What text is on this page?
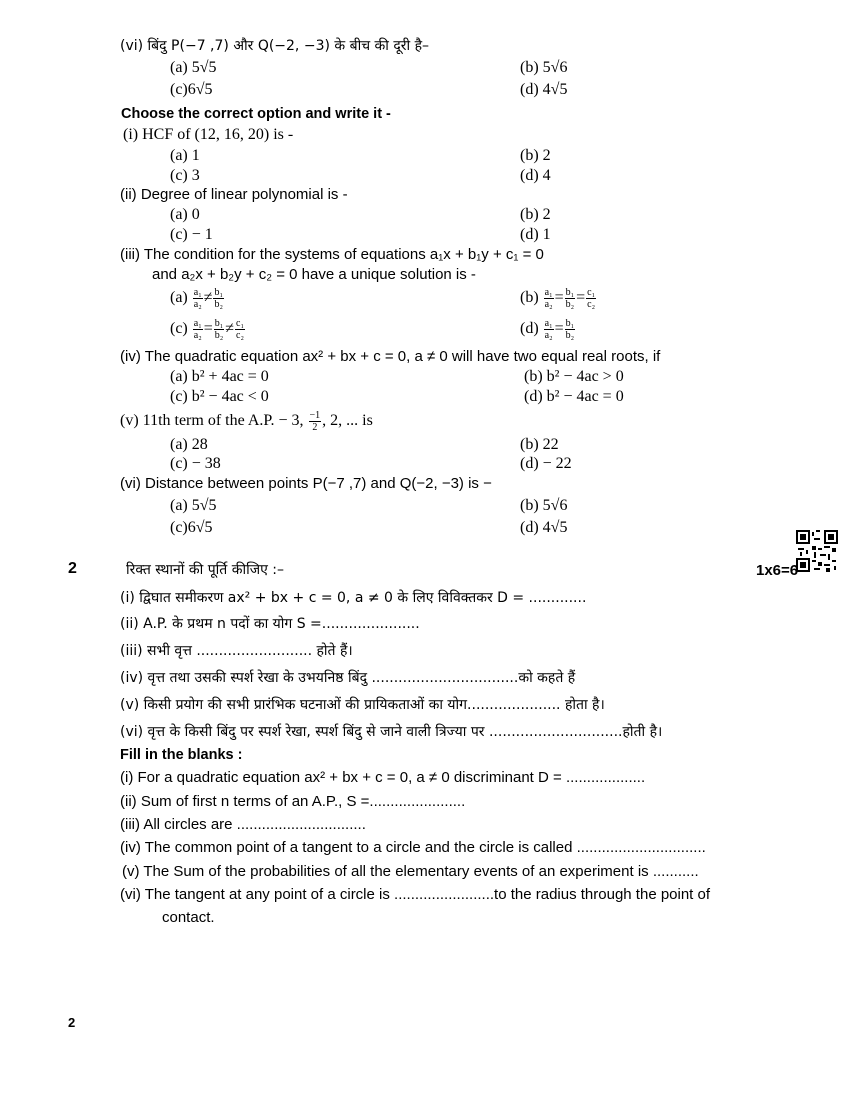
(vi) बिंदु P(−7 ,7) और Q(−2, −3) के बीच की दूरी है–
(a) 5√5	(b) 5√6
(c)6√5	(d) 4√5
Choose the correct option and write it -
(i) HCF of (12, 16, 20) is -
(a) 1	(b) 2
(c) 3	(d) 4
(ii) Degree of linear polynomial is -
(a) 0	(b) 2
(c) − 1	(d) 1
(iii) The condition for the systems of equations a₁x + b₁y + c₁ = 0
and a₂x + b₂y + c₂ = 0 have a unique solution is -
$(a) \frac{\text{a₁}}{\text{a₂}} \ne \frac{\text{b₁}}{\text{b₂}}$	$(b) \frac{\text{a₁}}{\text{a₂}} = \frac{\text{b₁}}{\text{b₂}} = \frac{\text{c₁}}{\text{c₂}}$
$(c) \frac{\text{a₁}}{\text{a₂}} = \frac{\text{b₁}}{\text{b₂}} \ne \frac{\text{c₁}}{\text{c₂}}$	$(d) \frac{\text{a₁}}{\text{a₂}} = \frac{\text{b₁}}{\text{b₂}}$
(iv) The quadratic equation ax² + bx + c = 0, a ≠ 0 will have two equal real roots, if
(a) b² + 4ac = 0	(b) b² − 4ac > 0
(c) b² − 4ac < 0	(d) b² − 4ac = 0
(v) 11th term of the A.P. − 3, $\frac{-1}{2}$ , 2, ... is
(a) 28	(b) 22
(c) − 38	(d) − 22
(vi) Distance between points P(−7 ,7) and Q(−2, −3) is −
(a) 5√5	(b) 5√6
(c)6√5	(d) 4√5
2	रिक्त स्थानों की पूर्ति कीजिए :–	1x6=6
(i) द्विघात समीकरण ax² + bx + c = 0, a ≠ 0 के लिए विविक्तकर D = .............
(ii) A.P. के प्रथम n पदों का योग S =......................
(iii) सभी वृत्त .......................... होते हैं।
(iv) वृत्त तथा उसकी स्पर्श रेखा के उभयनिष्ठ बिंदु .................................को कहते हैं
(v) किसी प्रयोग की सभी प्रारंभिक घटनाओं की प्रायिकताओं का योग..................... होता है।
(vi) वृत्त के किसी बिंदु पर स्पर्श रेखा, स्पर्श बिंदु से जाने वाली त्रिज्या पर ..............................होती है।
Fill in the blanks :
(i) For a quadratic equation ax² + bx + c = 0, a ≠ 0 discriminant D = ...................
(ii) Sum of first n terms of an A.P., S =.......................
(iii) All circles are ...............................
(iv) The common point of a tangent to a circle and the circle is called ...............................
(v) The Sum of the probabilities of all the elementary events of an experiment is ...........
(vi) The tangent at any point of a circle is ........................to the radius through the point of
contact.
2
